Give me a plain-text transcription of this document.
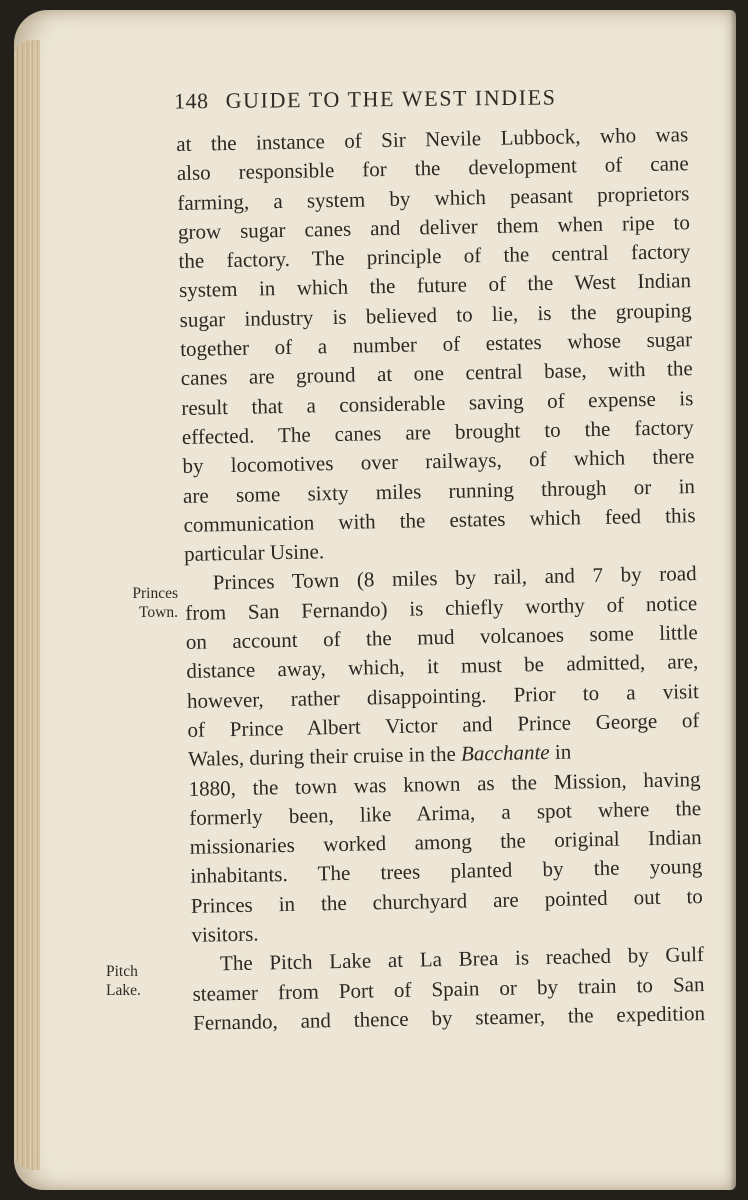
148 GUIDE TO THE WEST INDIES
Princes
Town.
Pitch
Lake.
at the instance of Sir Nevile Lubbock, who was
also responsible for the development of cane
farming, a system by which peasant proprietors
grow sugar canes and deliver them when ripe to
the factory. The principle of the central factory
system in which the future of the West Indian
sugar industry is believed to lie, is the grouping
together of a number of estates whose sugar
canes are ground at one central base, with the
result that a considerable saving of expense is
effected. The canes are brought to the factory
by locomotives over railways, of which there
are some sixty miles running through or in
communication with the estates which feed this
particular Usine.
Princes Town (8 miles by rail, and 7 by road
from San Fernando) is chiefly worthy of notice
on account of the mud volcanoes some little
distance away, which, it must be admitted, are,
however, rather disappointing. Prior to a visit
of Prince Albert Victor and Prince George of
Wales, during their cruise in the Bacchante in
1880, the town was known as the Mission, having
formerly been, like Arima, a spot where the
missionaries worked among the original Indian
inhabitants. The trees planted by the young
Princes in the churchyard are pointed out to
visitors.
The Pitch Lake at La Brea is reached by Gulf
steamer from Port of Spain or by train to San
Fernando, and thence by steamer, the expedition
